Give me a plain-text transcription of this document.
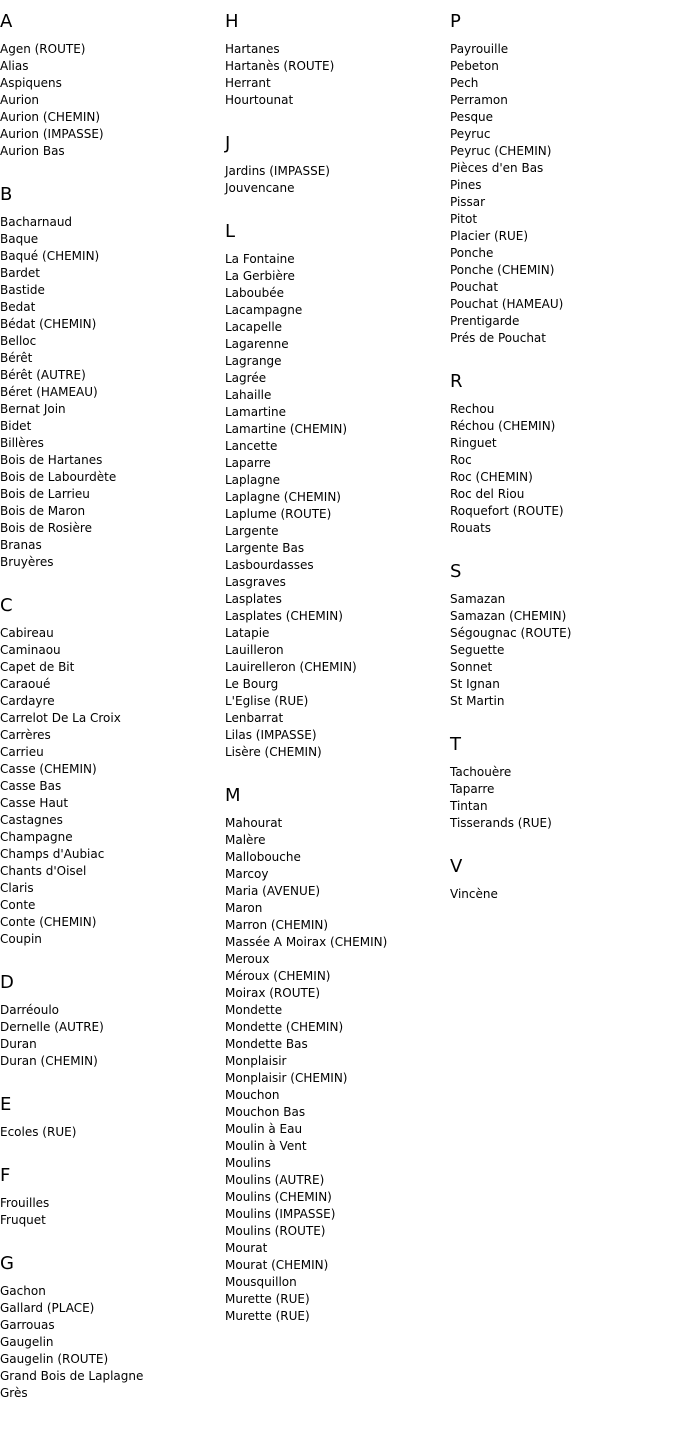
A
Agen (ROUTE)
Alias
Aspiquens
Aurion
Aurion (CHEMIN)
Aurion (IMPASSE)
Aurion Bas
B
Bacharnaud
Baque
Baqué (CHEMIN)
Bardet
Bastide
Bedat
Bédat (CHEMIN)
Belloc
Bérêt
Bérêt (AUTRE)
Béret (HAMEAU)
Bernat Join
Bidet
Billères
Bois de Hartanes
Bois de Labourdète
Bois de Larrieu
Bois de Maron
Bois de Rosière
Branas
Bruyères
C
Cabireau
Caminaou
Capet de Bit
Caraoué
Cardayre
Carrelot De La Croix
Carrères
Carrieu
Casse (CHEMIN)
Casse Bas
Casse Haut
Castagnes
Champagne
Champs d'Aubiac
Chants d'Oisel
Claris
Conte
Conte (CHEMIN)
Coupin
D
Darréoulo
Dernelle (AUTRE)
Duran
Duran (CHEMIN)
E
Ecoles (RUE)
F
Frouilles
Fruquet
G
Gachon
Gallard (PLACE)
Garrouas
Gaugelin
Gaugelin (ROUTE)
Grand Bois de Laplagne
Grès
H
Hartanes
Hartanès (ROUTE)
Herrant
Hourtounat
J
Jardins (IMPASSE)
Jouvencane
L
La Fontaine
La Gerbière
Laboubée
Lacampagne
Lacapelle
Lagarenne
Lagrange
Lagrée
Lahaille
Lamartine
Lamartine (CHEMIN)
Lancette
Laparre
Laplagne
Laplagne (CHEMIN)
Laplume (ROUTE)
Largente
Largente Bas
Lasbourdasses
Lasgraves
Lasplates
Lasplates (CHEMIN)
Latapie
Lauilleron
Lauirelleron (CHEMIN)
Le Bourg
L'Eglise (RUE)
Lenbarrat
Lilas (IMPASSE)
Lisère (CHEMIN)
M
Mahourat
Malère
Mallobouche
Marcoy
Maria (AVENUE)
Maron
Marron (CHEMIN)
Massée A Moirax (CHEMIN)
Meroux
Méroux (CHEMIN)
Moirax (ROUTE)
Mondette
Mondette (CHEMIN)
Mondette Bas
Monplaisir
Monplaisir (CHEMIN)
Mouchon
Mouchon Bas
Moulin à Eau
Moulin à Vent
Moulins
Moulins (AUTRE)
Moulins (CHEMIN)
Moulins (IMPASSE)
Moulins (ROUTE)
Mourat
Mourat (CHEMIN)
Mousquillon
Murette (RUE)
Murette (RUE)
P
Payrouille
Pebeton
Pech
Perramon
Pesque
Peyruc
Peyruc (CHEMIN)
Pièces d'en Bas
Pines
Pissar
Pitot
Placier (RUE)
Ponche
Ponche (CHEMIN)
Pouchat
Pouchat (HAMEAU)
Prentigarde
Prés de Pouchat
R
Rechou
Réchou (CHEMIN)
Ringuet
Roc
Roc (CHEMIN)
Roc del Riou
Roquefort (ROUTE)
Rouats
S
Samazan
Samazan (CHEMIN)
Ségougnac (ROUTE)
Seguette
Sonnet
St Ignan
St Martin
T
Tachouère
Taparre
Tintan
Tisserands (RUE)
V
Vincène
